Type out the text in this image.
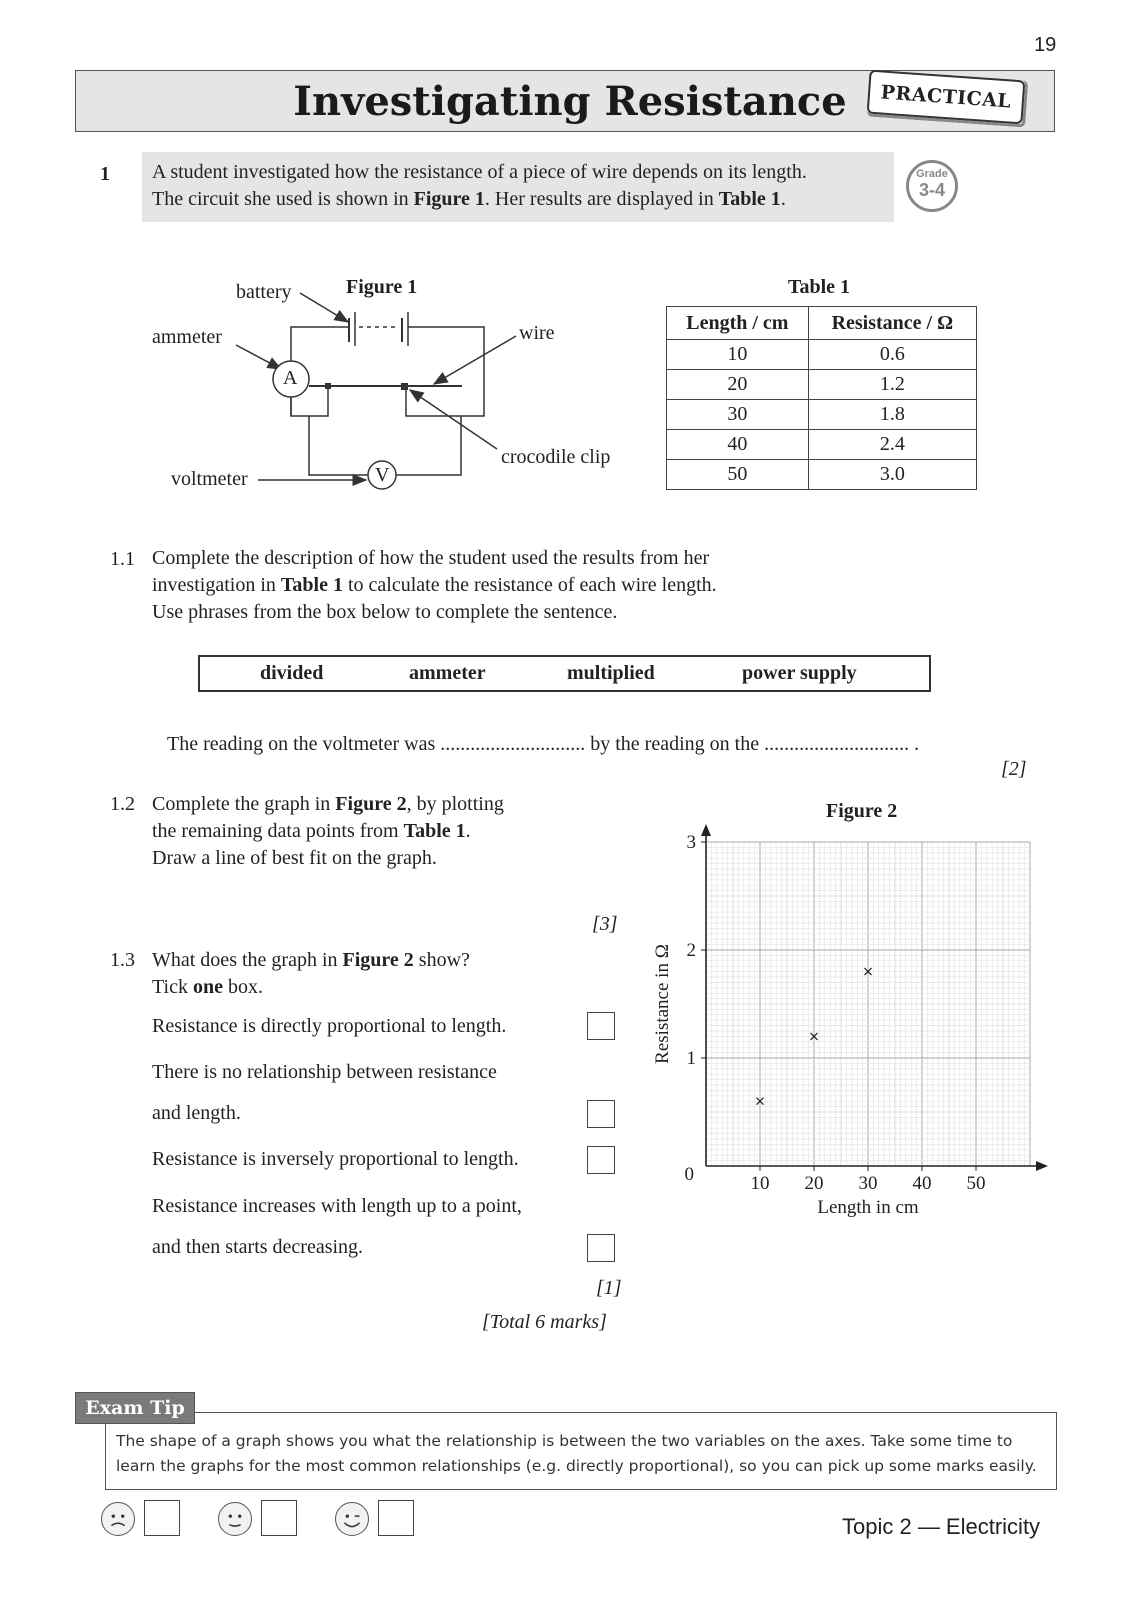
19
Investigating Resistance	PRACTICAL
1 A student investigated how the resistance of a piece of wire depends on its length.
The circuit she used is shown in Figure 1. Her results are displayed in Table 1.
Grade
3-4
Figure 1
battery
ammeter	wire
voltmeter
crocodile clip
A
V
Table 1
Length / cm	Resistance / Ω
10	0.6
20	1.2
30	1.8
40	2.4
50	3.0
1.1 Complete the description of how the student used the results from her
investigation in Table 1 to calculate the resistance of each wire length.
Use phrases from the box below to complete the sentence.
divided	ammeter	multiplied	power supply
The reading on the voltmeter was ............................. by the reading on the ............................. .
[2]
1.2 Complete the graph in Figure 2, by plotting
the remaining data points from Table 1.
Draw a line of best fit on the graph.
[3]
1.3 What does the graph in Figure 2 show?
Tick one box.
Resistance is directly proportional to length.
There is no relationship between resistance
and length.
Resistance is inversely proportional to length.
Resistance increases with length up to a point,
and then starts decreasing.
[1]
[Total 6 marks]
Figure 2
10 20 30 40 50
0
1
2
3
Length in cm
Resistance in Ω
The shape of a graph shows you what the relationship is between the two variables on the axes. Take some time to
learn the graphs for the most common relationships (e.g. directly proportional), so you can pick up some marks easily.
Exam Tip
Topic 2 — Electricity
